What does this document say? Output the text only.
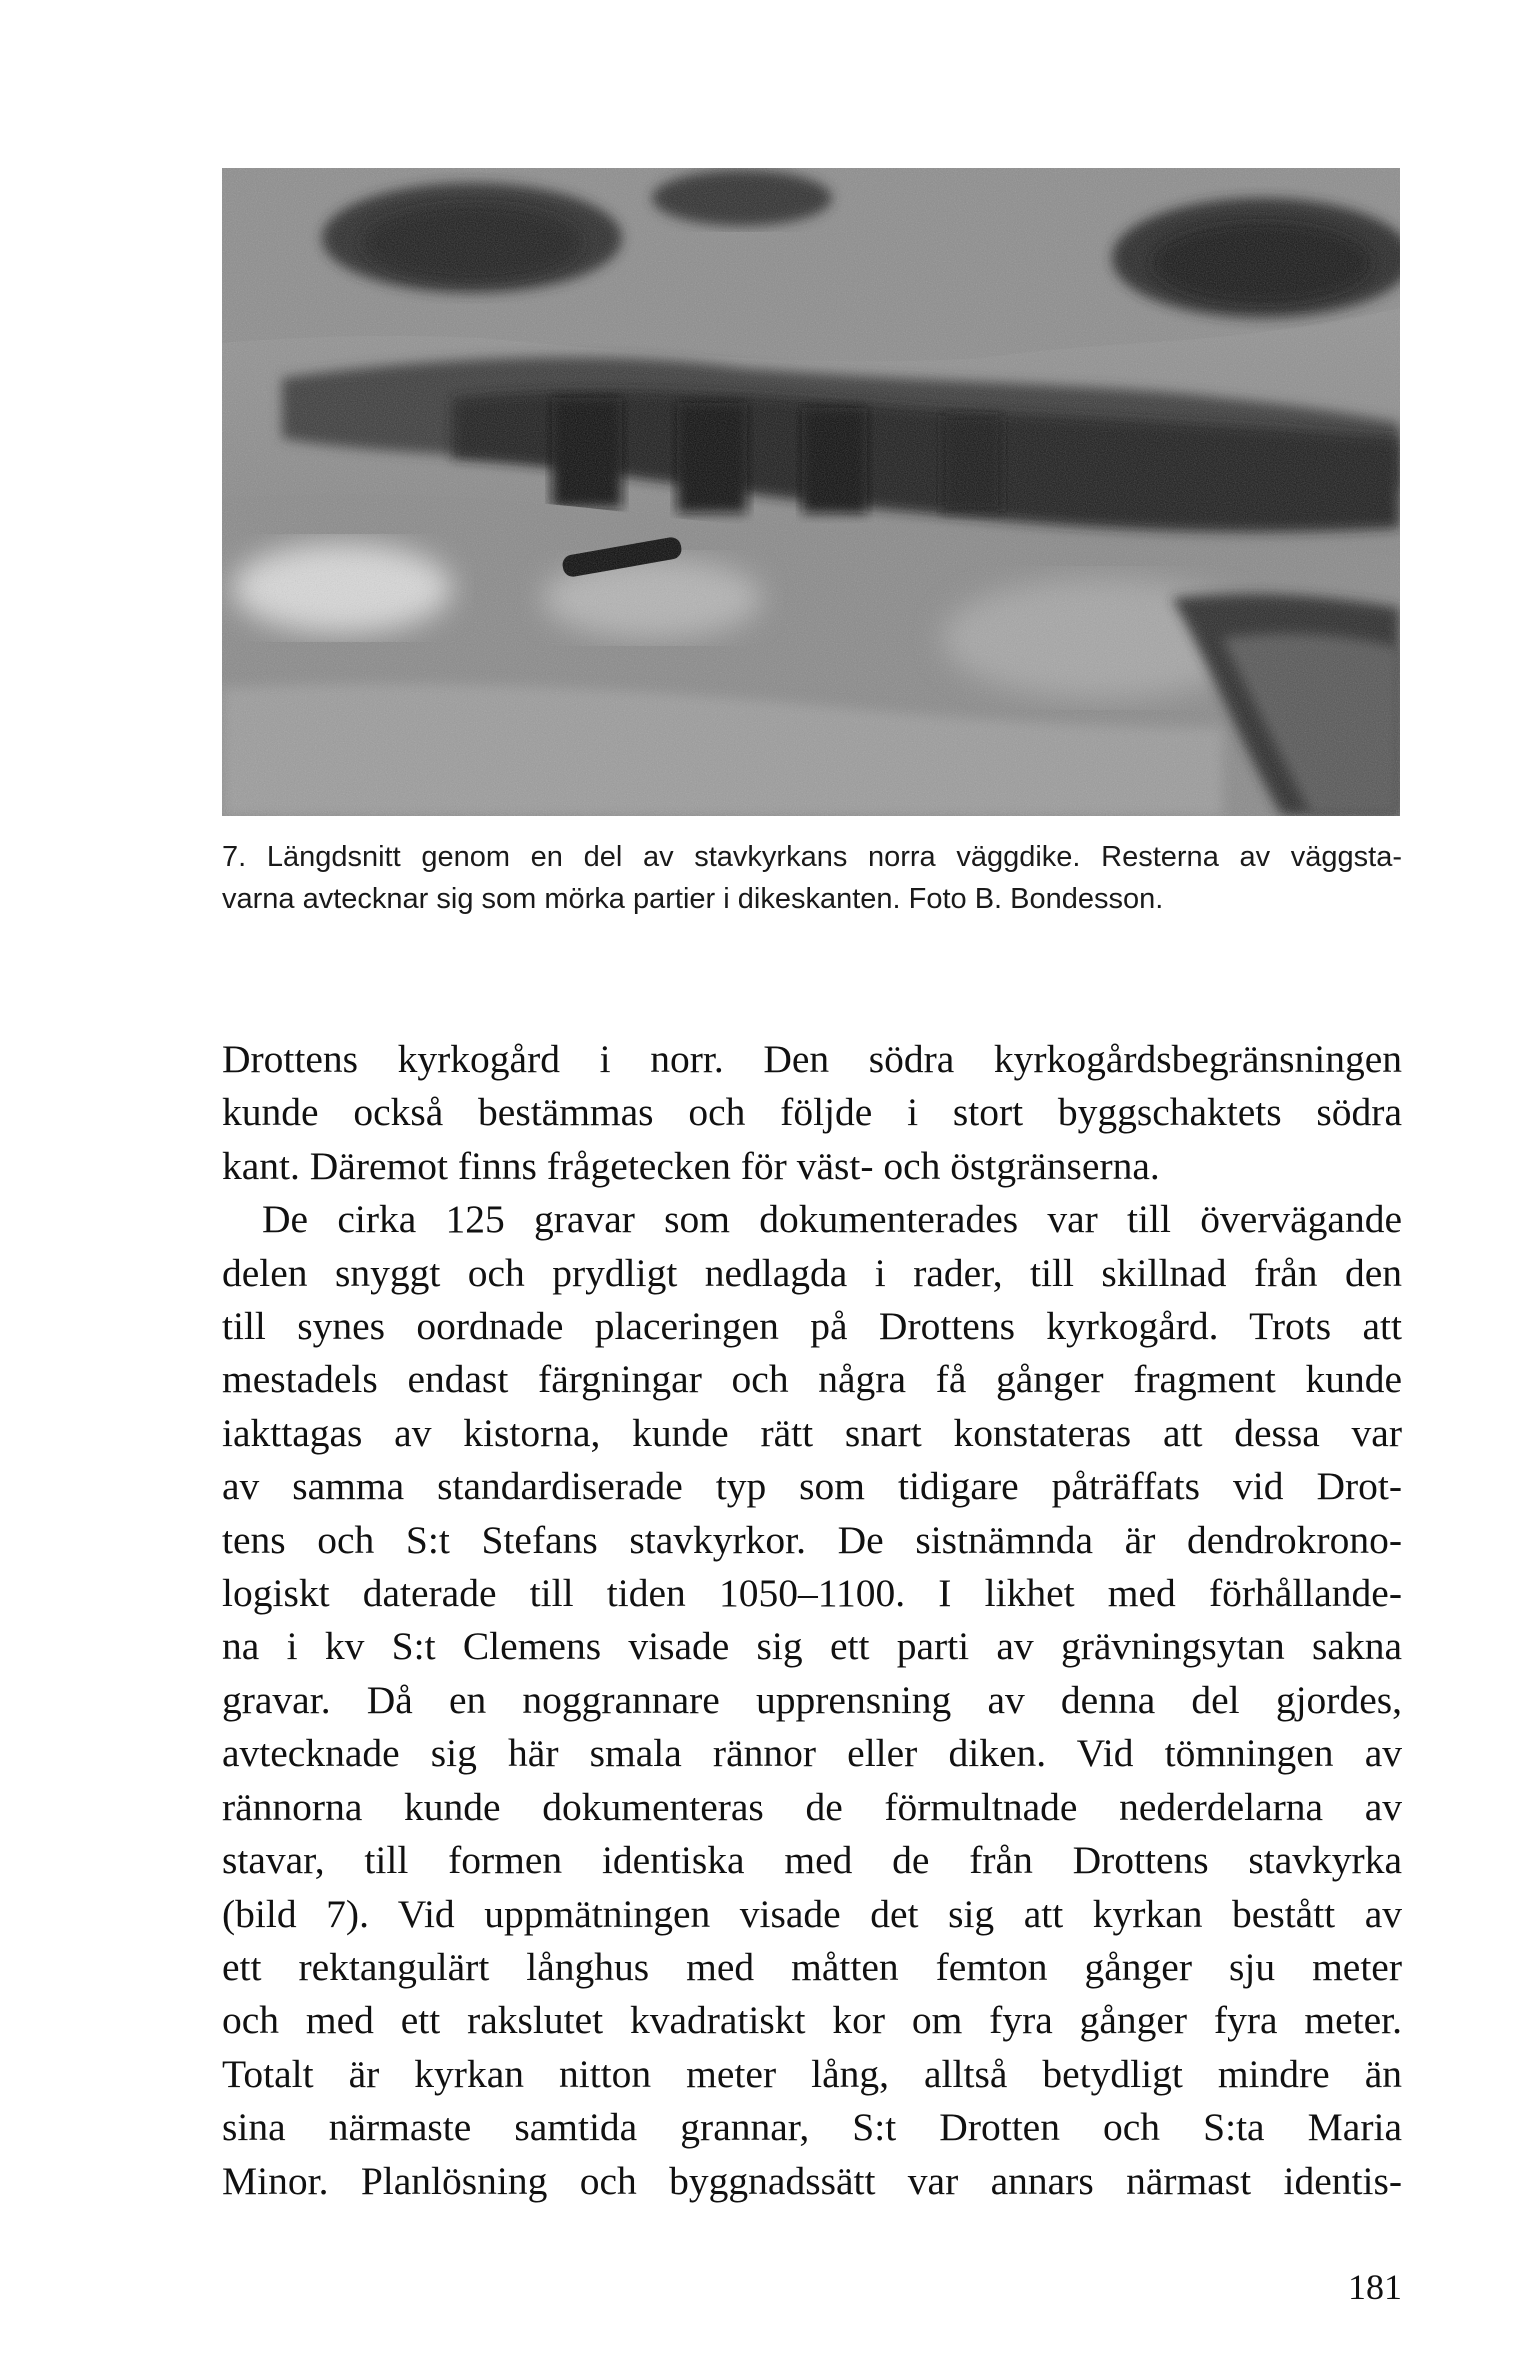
7. Längdsnitt genom en del av stavkyrkans norra väggdike. Resterna av väggsta-
varna avtecknar sig som mörka partier i dikeskanten. Foto B. Bondesson.
Drottens kyrkogård i norr. Den södra kyrkogårdsbegränsningen
kunde också bestämmas och följde i stort byggschaktets södra
kant. Däremot finns frågetecken för väst- och östgränserna.
De cirka 125 gravar som dokumenterades var till övervägande
delen snyggt och prydligt nedlagda i rader, till skillnad från den
till synes oordnade placeringen på Drottens kyrkogård. Trots att
mestadels endast färgningar och några få gånger fragment kunde
iakttagas av kistorna, kunde rätt snart konstateras att dessa var
av samma standardiserade typ som tidigare påträffats vid Drot-
tens och S:t Stefans stavkyrkor. De sistnämnda är dendrokrono-
logiskt daterade till tiden 1050–1100. I likhet med förhållande-
na i kv S:t Clemens visade sig ett parti av grävningsytan sakna
gravar. Då en noggrannare upprensning av denna del gjordes,
avtecknade sig här smala rännor eller diken. Vid tömningen av
rännorna kunde dokumenteras de förmultnade nederdelarna av
stavar, till formen identiska med de från Drottens stavkyrka
(bild 7). Vid uppmätningen visade det sig att kyrkan bestått av
ett rektangulärt långhus med måtten femton gånger sju meter
och med ett rakslutet kvadratiskt kor om fyra gånger fyra meter.
Totalt är kyrkan nitton meter lång, alltså betydligt mindre än
sina närmaste samtida grannar, S:t Drotten och S:ta Maria
Minor. Planlösning och byggnadssätt var annars närmast identis-
181
